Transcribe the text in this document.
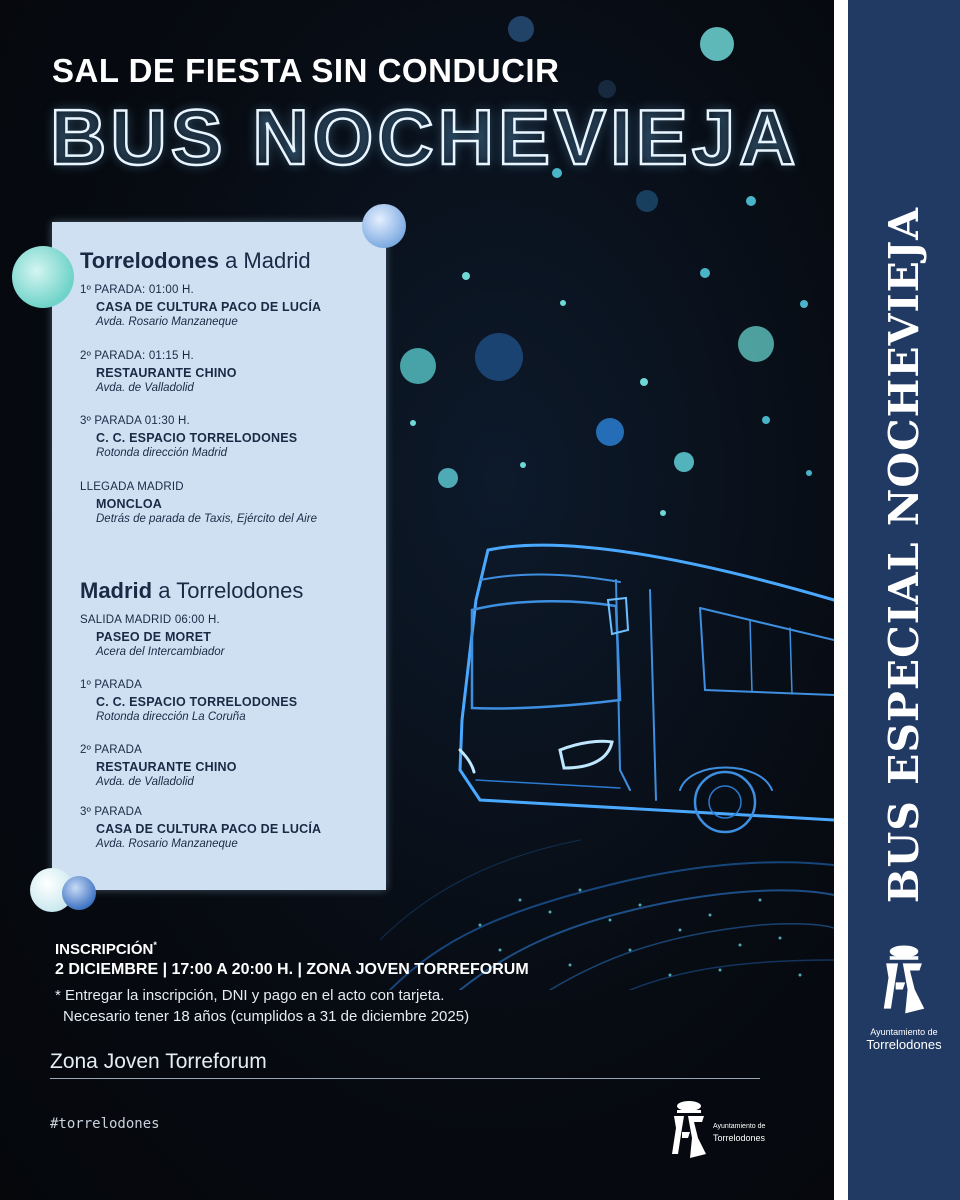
SAL DE FIESTA SIN CONDUCIR
BUS NOCHEVIEJA
Torrelodones a Madrid
1º PARADA: 01:00 H.
CASA DE CULTURA PACO DE LUCÍA
Avda. Rosario Manzaneque
2º PARADA: 01:15 H.
RESTAURANTE CHINO
Avda. de Valladolid
3º PARADA 01:30 H.
C. C. ESPACIO TORRELODONES
Rotonda dirección Madrid
LLEGADA MADRID
MONCLOA
Detrás de parada de Taxis, Ejército del Aire
Madrid a Torrelodones
SALIDA MADRID 06:00 H.
PASEO DE MORET
Acera del Intercambiador
1º PARADA
C. C. ESPACIO TORRELODONES
Rotonda dirección La Coruña
2º PARADA
RESTAURANTE CHINO
Avda. de Valladolid
3º PARADA
CASA DE CULTURA PACO DE LUCÍA
Avda. Rosario Manzaneque
INSCRIPCIÓN*
2 DICIEMBRE | 17:00 A 20:00 H. | ZONA JOVEN TORREFORUM
* Entregar la inscripción, DNI y pago en el acto con tarjeta.
Necesario tener 18 años (cumplidos a 31 de diciembre 2025)
Zona Joven Torreforum
#torrelodones	Ayuntamiento de
Torrelodones
BUS ESPECIAL NOCHEVIEJA
Ayuntamiento de
Torrelodones
